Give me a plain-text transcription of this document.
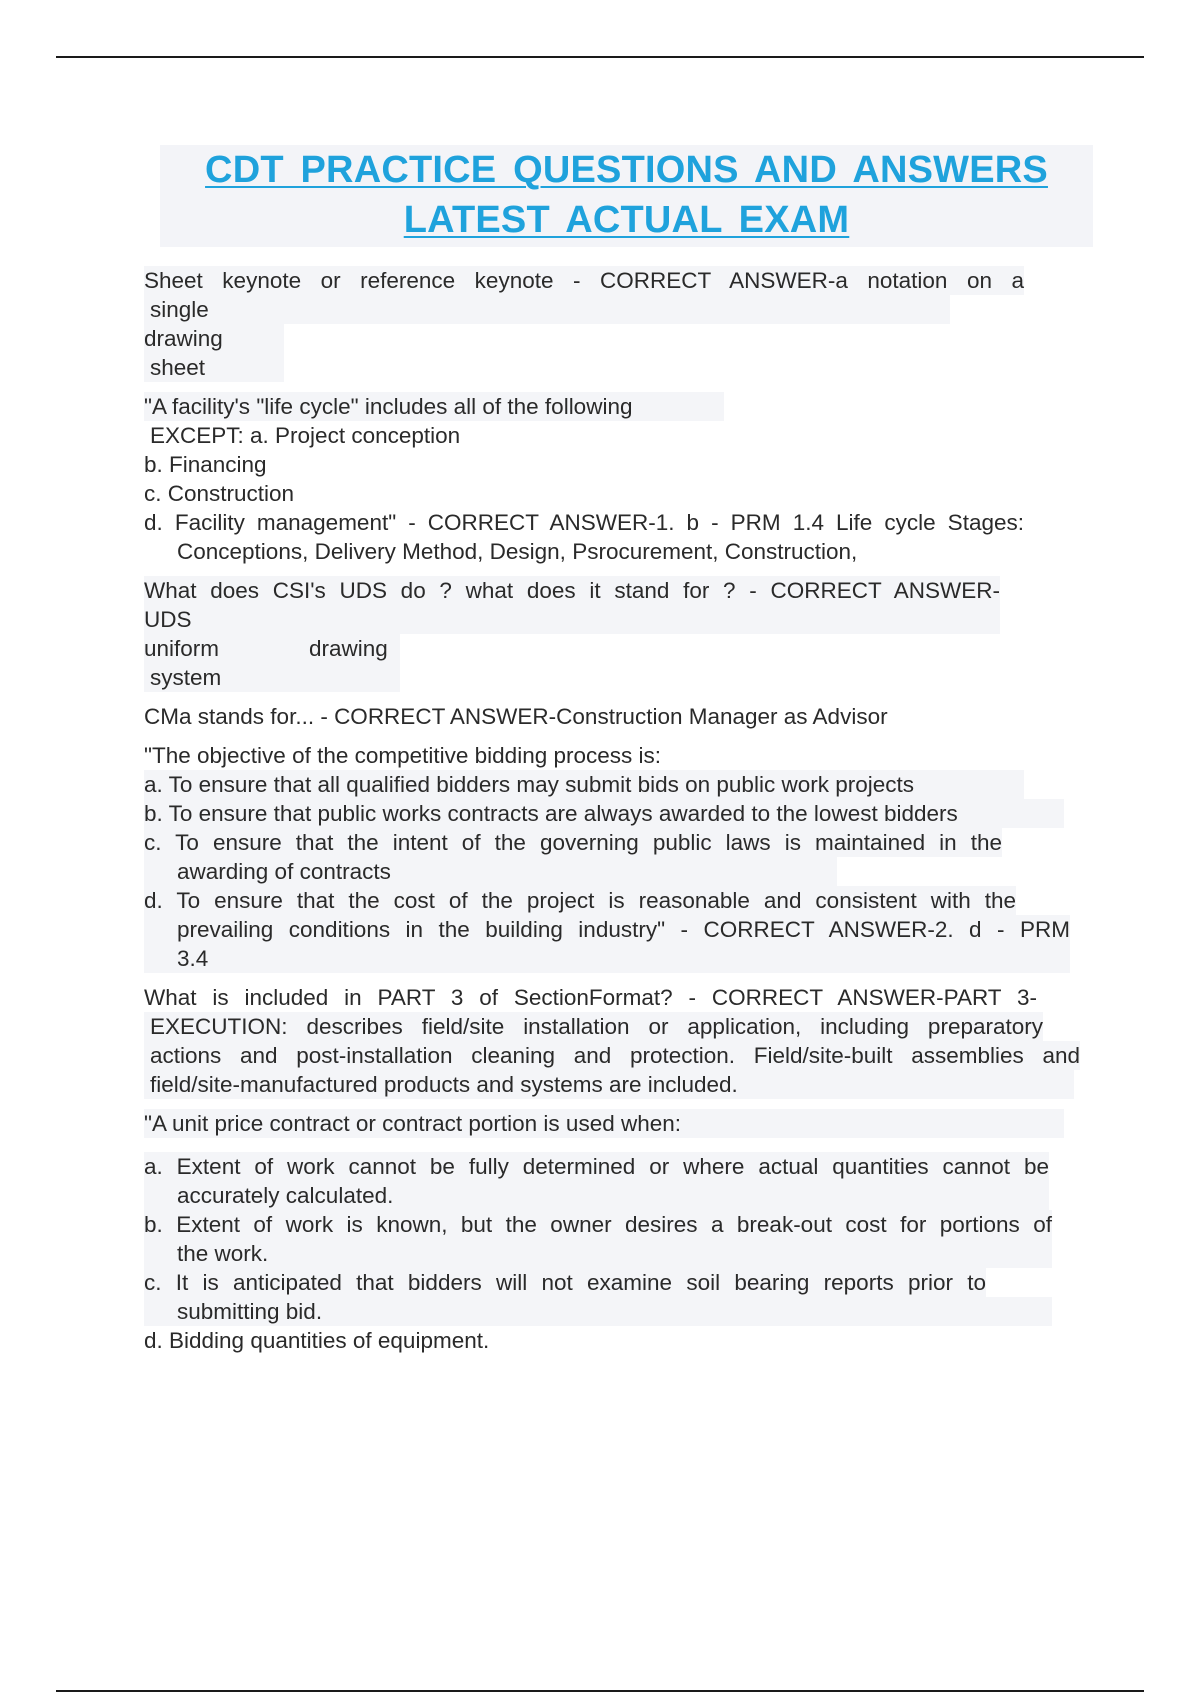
CDT PRACTICE QUESTIONS AND ANSWERS
LATEST ACTUAL EXAM
Sheet keynote or reference keynote - CORRECT ANSWER-a notation on a
single
drawing
sheet
"A facility's "life cycle" includes all of the following
EXCEPT: a. Project conception
b. Financing
c. Construction
d. Facility management" - CORRECT ANSWER-1. b - PRM 1.4 Life cycle Stages:
Conceptions, Delivery Method, Design, Psrocurement, Construction,
What does CSI's UDS do ? what does it stand for ? - CORRECT ANSWER-
UDS
uniform	drawing
system
CMa stands for... - CORRECT ANSWER-Construction Manager as Advisor
"The objective of the competitive bidding process is:
a. To ensure that all qualified bidders may submit bids on public work projects
b. To ensure that public works contracts are always awarded to the lowest bidders
c. To ensure that the intent of the governing public laws is maintained in the
awarding of contracts
d. To ensure that the cost of the project is reasonable and consistent with the
prevailing conditions in the building industry" - CORRECT ANSWER-2. d - PRM
3.4
What is included in PART 3 of SectionFormat? - CORRECT ANSWER-PART 3-
EXECUTION: describes field/site installation or application, including preparatory
actions and post-installation cleaning and protection. Field/site-built assemblies and
field/site-manufactured products and systems are included.
"A unit price contract or contract portion is used when:
a. Extent of work cannot be fully determined or where actual quantities cannot be
accurately calculated.
b. Extent of work is known, but the owner desires a break-out cost for portions of
the work.
c. It is anticipated that bidders will not examine soil bearing reports prior to
submitting bid.
d. Bidding quantities of equipment.
